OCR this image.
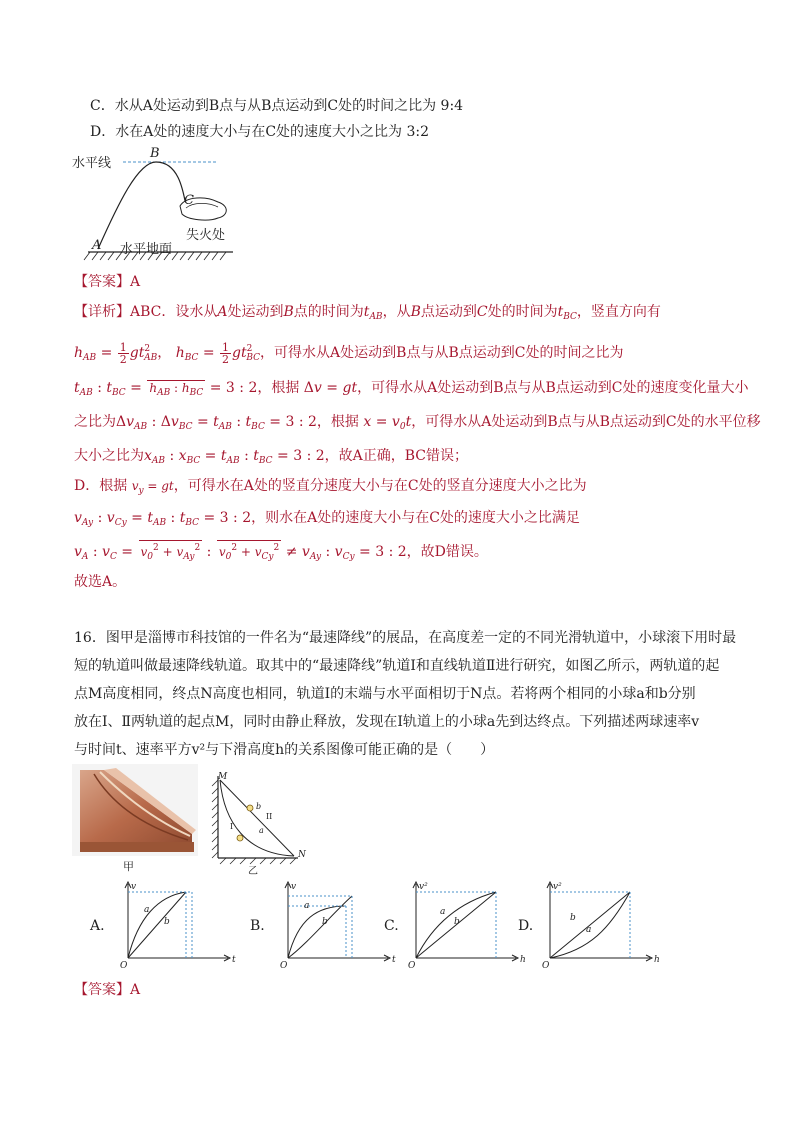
C．水从A处运动到B点与从B点运动到C处的时间之比为 9:4
D．水在A处的速度大小与在C处的速度大小之比为 3:2
水平线
B
C
失火处
A 水平地面
【答案】A
【详析】ABC．设水从A处运动到B点的时间为$t_{AB}$，从B点运动到C处的时间为$t_{BC}$，竖直方向有
$h_{AB} = \frac{1}{2} gt^2_{AB}$， $h_{BC} = \frac{1}{2} gt^2_{BC}$，可得水从A处运动到B点与从B点运动到C处的时间之比为
$t_{AB}$ : $t_{BC} = h_{AB}$ : $h_{BC} = 3$ : 2，根据 Δv = gt，可得水从A处运动到B点与从B点运动到C处的速度变化量大小
之比为$\Delta v_{AB}$ : $\Delta v_{BC} = t_{AB}$ : $t_{BC} = 3$ : 2，根据 $x = v_0t$，可得水从A处运动到B点与从B点运动到C处的水平位移
大小之比为$x_{AB}$ : $x_{BC} = t_{AB}$ : $t_{BC} = 3$ : 2，故A正确，BC错误；
D．根据 $v_y$ = gt，可得水在A处的竖直分速度大小与在C处的竖直分速度大小之比为
$v_{Ay}$ : $v_{Cy} = t_{AB}$ : $t_{BC} = 3$ : 2，则水在A处的速度大小与在C处的速度大小之比满足
$v_A$ : $v_C = v_0^2 + v_{Ay}^2$ : $v_0^2 + v_{Cy}^2 \ne v_{Ay}$ : $v_{Cy} = 3$ : 2，故D错误。
故选A。
16．图甲是淄博市科技馆的一件名为“最速降线”的展品，在高度差一定的不同光滑轨道中，小球滚下用时最
短的轨道叫做最速降线轨道。取其中的“最速降线”轨道Ⅰ和直线轨道Ⅱ进行研究，如图乙所示，两轨道的起
点M高度相同，终点N高度也相同，轨道Ⅰ的末端与水平面相切于N点。若将两个相同的小球a和b分别
放在Ⅰ、Ⅱ两轨道的起点M，同时由静止释放，发现在Ⅰ轨道上的小球a先到达终点。下列描述两球速率v
与时间t、速率平方v²与下滑高度h的关系图像可能正确的是（　　）
甲
M
N
b
a
I
II
乙
A.
v
t
O
a
b	B.
v
t
O
a
b	C.
v²
h
O
a
b	D.
v²
h
O
a
b
【答案】A
